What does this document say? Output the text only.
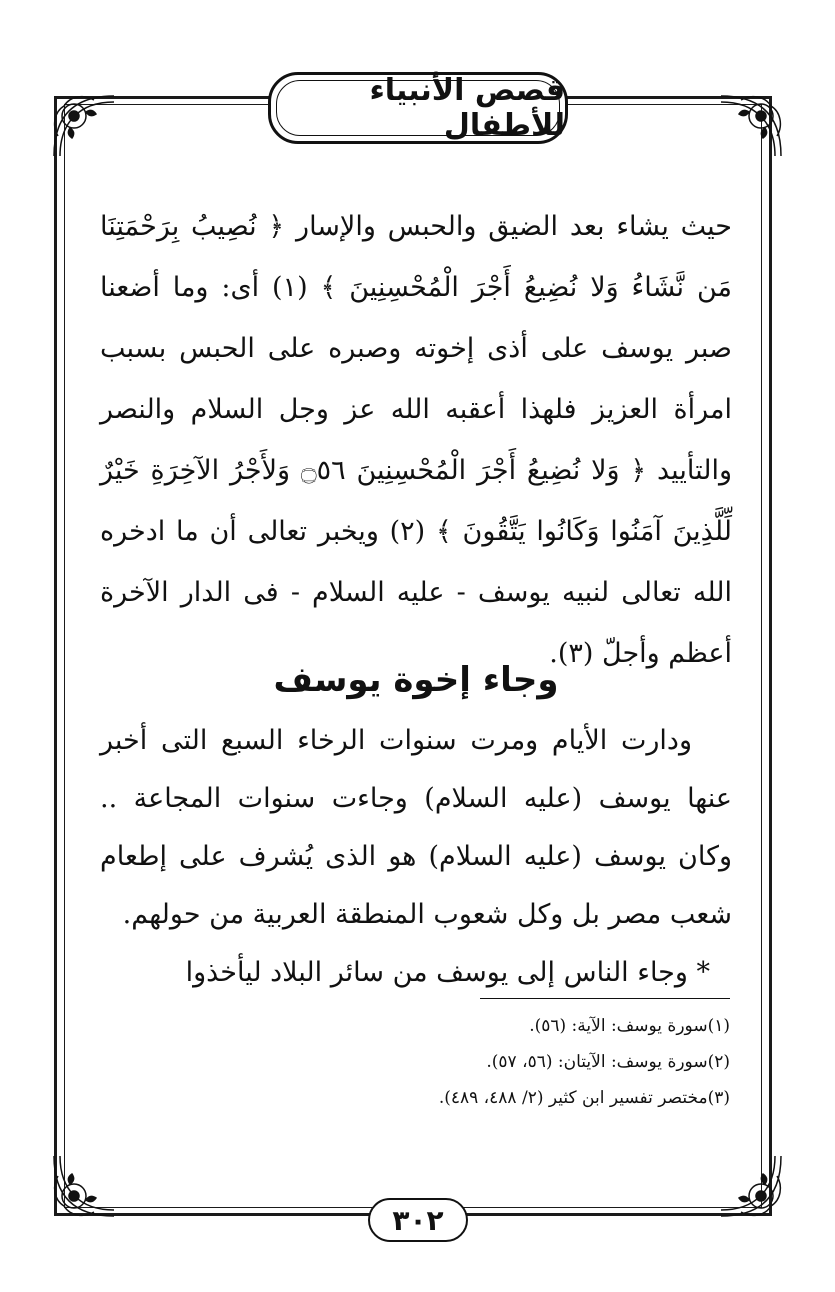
قصص الأنبياء للأطفال

حيث يشاء بعد الضيق والحبس والإسار ﴿ نُصِيبُ بِرَحْمَتِنَا مَن نَّشَاءُ وَلا نُضِيعُ أَجْرَ الْمُحْسِنِينَ ﴾ (١) أى: وما أضعنا صبر يوسف على أذى إخوته وصبره على الحبس بسبب امرأة العزيز فلهذا أعقبه الله عز وجل السلام والنصر والتأييد ﴿ وَلا نُضِيعُ أَجْرَ الْمُحْسِنِينَ ۝٥٦ وَلأَجْرُ الآخِرَةِ خَيْرٌ لِّلَّذِينَ آمَنُوا وَكَانُوا يَتَّقُونَ ﴾ (٢) ويخبر تعالى أن ما ادخره الله تعالى لنبيه يوسف - عليه السلام - فى الدار الآخرة أعظم وأجلّ (٣).

وجاء إخوة يوسف

ودارت الأيام ومرت سنوات الرخاء السبع التى أخبر عنها يوسف (عليه السلام) وجاءت سنوات المجاعة .. وكان يوسف (عليه السلام) هو الذى يُشرف على إطعام شعب مصر بل وكل شعوب المنطقة العربية من حولهم.

* وجاء الناس إلى يوسف من سائر البلاد ليأخذوا

(١)سورة يوسف: الآية: (٥٦).
(٢)سورة يوسف: الآيتان: (٥٦، ٥٧).
(٣)مختصر تفسير ابن كثير (٢/ ٤٨٨، ٤٨٩).
٣٠٢
